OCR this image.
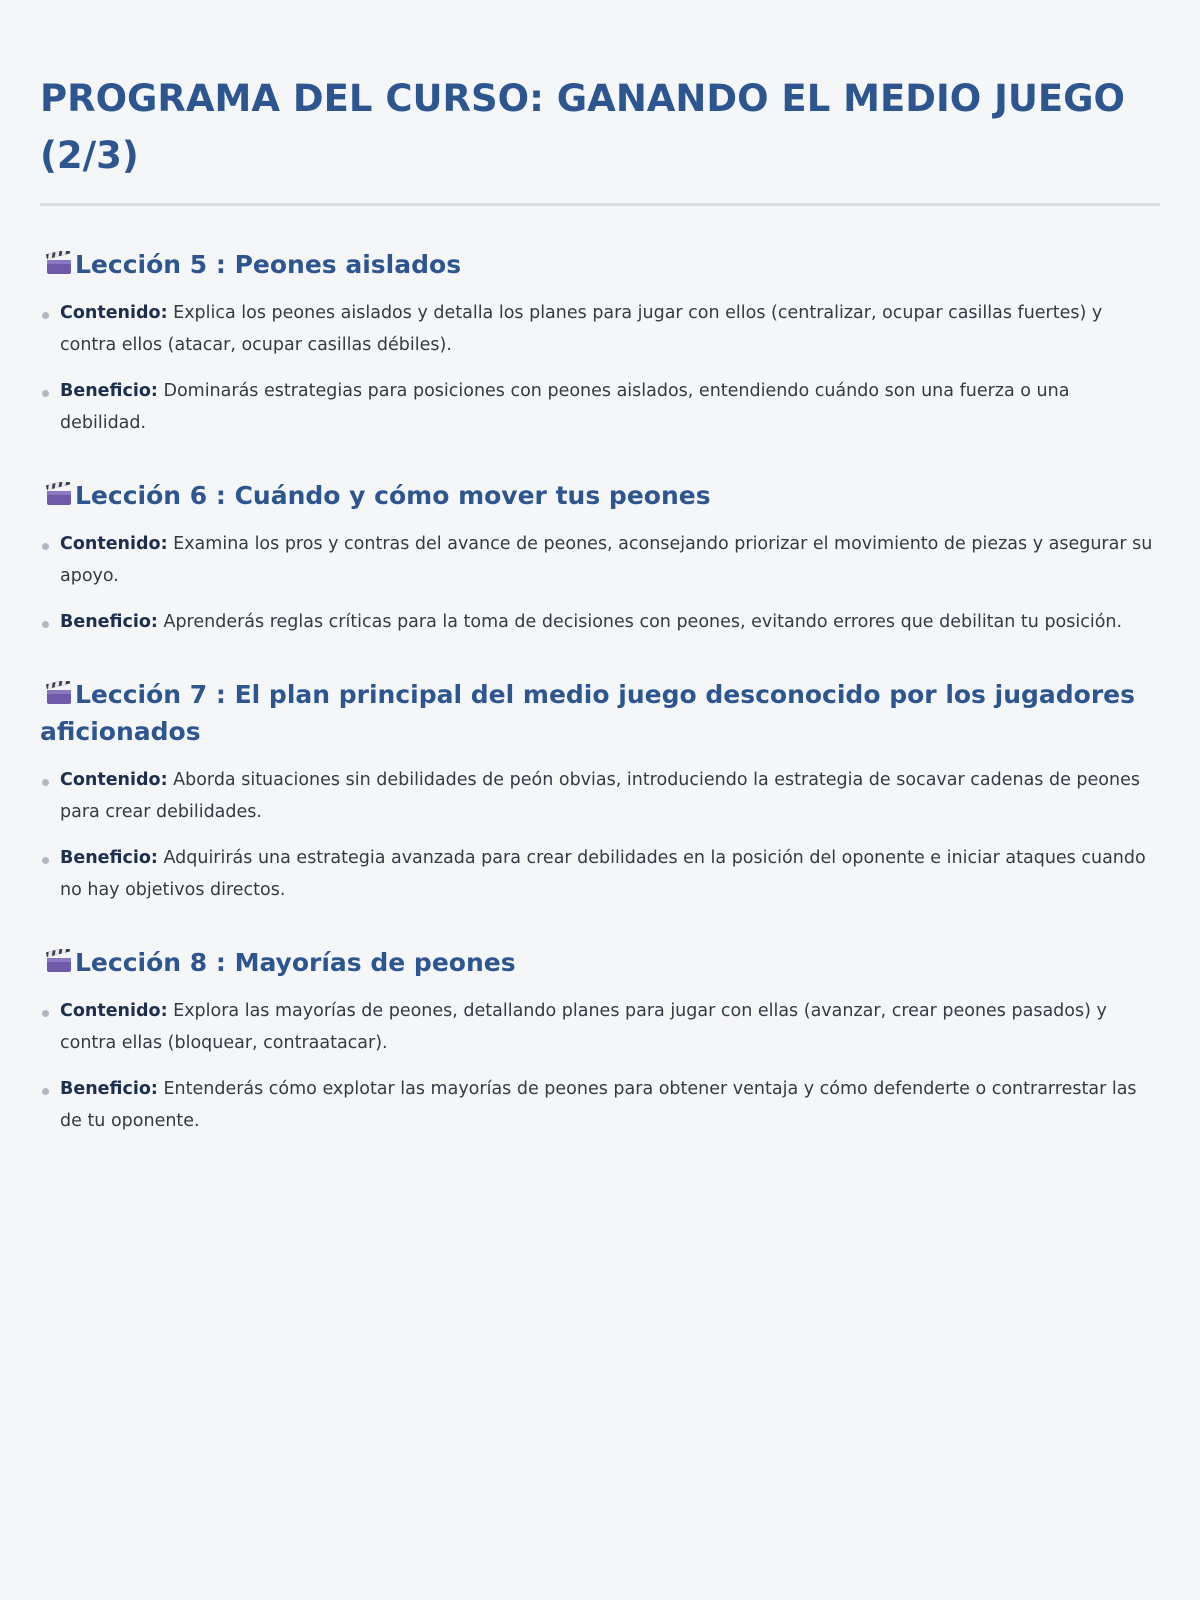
PROGRAMA DEL CURSO: GANANDO EL MEDIO JUEGO (2/3)
Lección 5 : Peones aislados
Contenido: Explica los peones aislados y detalla los planes para jugar con ellos (centralizar, ocupar casillas fuertes) y contra ellos (atacar, ocupar casillas débiles).
Beneficio: Dominarás estrategias para posiciones con peones aislados, entendiendo cuándo son una fuerza o una debilidad.
Lección 6 : Cuándo y cómo mover tus peones
Contenido: Examina los pros y contras del avance de peones, aconsejando priorizar el movimiento de piezas y asegurar su apoyo.
Beneficio: Aprenderás reglas críticas para la toma de decisiones con peones, evitando errores que debilitan tu posición.
Lección 7 : El plan principal del medio juego desconocido por los jugadores aficionados
Contenido: Aborda situaciones sin debilidades de peón obvias, introduciendo la estrategia de socavar cadenas de peones para crear debilidades.
Beneficio: Adquirirás una estrategia avanzada para crear debilidades en la posición del oponente e iniciar ataques cuando no hay objetivos directos.
Lección 8 : Mayorías de peones
Contenido: Explora las mayorías de peones, detallando planes para jugar con ellas (avanzar, crear peones pasados) y contra ellas (bloquear, contraatacar).
Beneficio: Entenderás cómo explotar las mayorías de peones para obtener ventaja y cómo defenderte o contrarrestar las de tu oponente.
